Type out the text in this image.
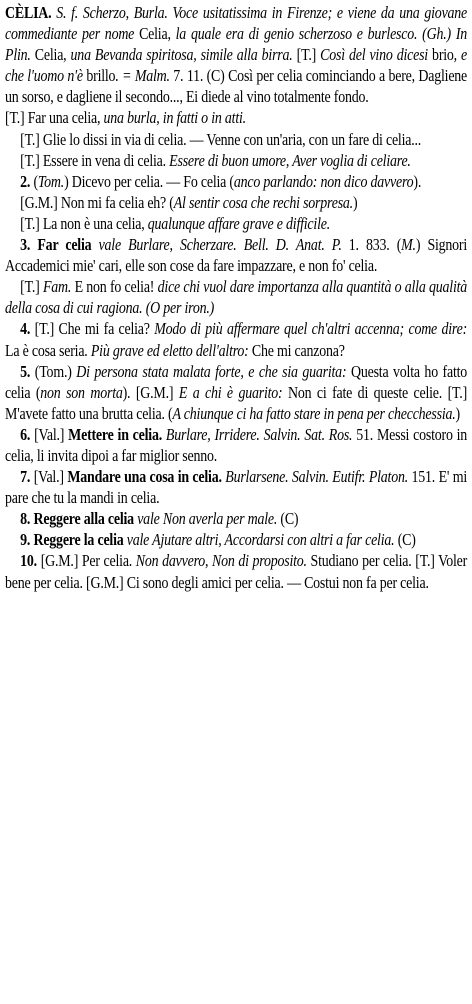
CÈLIA. S. f. Scherzo, Burla. Voce usitatissima in Firenze; e viene da una giovane commediante per nome Celia, la quale era di genio scherzoso e burlesco. (Gh.) In Plin. Celia, una Bevanda spiritosa, simile alla birra. [T.] Così del vino dicesi brio, e che l'uomo n'è brillo. = Malm. 7. 11. (C) Così per celia cominciando a bere, Dagliene un sorso, e dagliene il secondo..., Ei diede al vino totalmente fondo.

[T.] Far una celia, una burla, in fatti o in atti.

[T.] Glie lo dissi in via di celia. — Venne con un'aria, con un fare di celia...

[T.] Essere in vena di celia. Essere di buon umore, Aver voglia di celiare.

2. (Tom.) Dicevo per celia. — Fo celia (anco parlando: non dico davvero).

[G.M.] Non mi fa celia eh? (Al sentir cosa che rechi sorpresa.)

[T.] La non è una celia, qualunque affare grave e difficile.

3. Far celia vale Burlare, Scherzare. Bell. D. Anat. P. 1. 833. (M.) Signori Accademici mie' cari, elle son cose da fare impazzare, e non fo' celia.

[T.] Fam. E non fo celia! dice chi vuol dare importanza alla quantità o alla qualità della cosa di cui ragiona. (O per iron.)

4. [T.] Che mi fa celia? Modo di più affermare quel ch'altri accenna; come dire: La è cosa seria. Più grave ed eletto dell'altro: Che mi canzona?

5. (Tom.) Di persona stata malata forte, e che sia guarita: Questa volta ho fatto celia (non son morta). [G.M.] E a chi è guarito: Non ci fate di queste celie. [T.] M'avete fatto una brutta celia. (A chiunque ci ha fatto stare in pena per checchessia.)

6. [Val.] Mettere in celia. Burlare, Irridere. Salvin. Sat. Ros. 51. Messi costoro in celia, li invita dipoi a far miglior senno.

7. [Val.] Mandare una cosa in celia. Burlarsene. Salvin. Eutifr. Platon. 151. E' mi pare che tu la mandi in celia.

8. Reggere alla celia vale Non averla per male. (C)

9. Reggere la celia vale Ajutare altri, Accordarsi con altri a far celia. (C)

10. [G.M.] Per celia. Non davvero, Non di proposito. Studiano per celia. [T.] Voler bene per celia. [G.M.] Ci sono degli amici per celia. — Costui non fa per celia.
